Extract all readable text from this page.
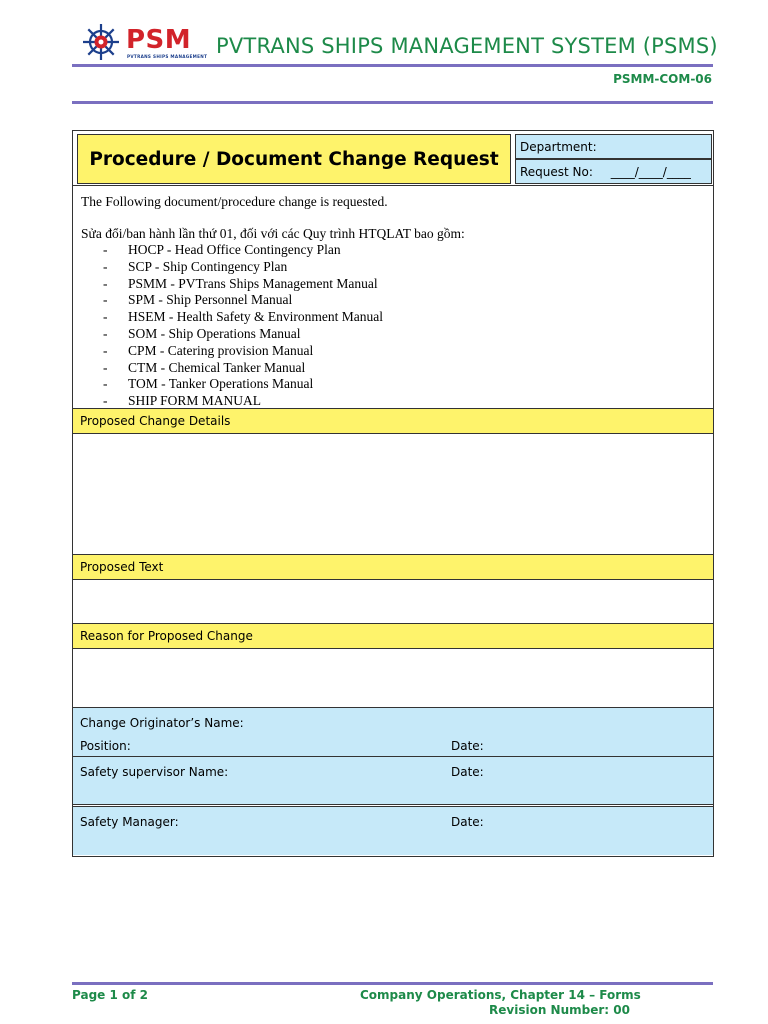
PSM
PVTRANS SHIPS MANAGEMENT PVTRANS SHIPS MANAGEMENT SYSTEM (PSMS)
PSMM-COM-06
Procedure / Document Change Request
Department:
Request No: ____/____/____
The Following document/procedure change is requested.
Sửa đổi/ban hành lần thứ 01, đối với các Quy trình HTQLAT bao gồm:
- HOCP - Head Office Contingency Plan
- SCP - Ship Contingency Plan
- PSMM - PVTrans Ships Management Manual
- SPM - Ship Personnel Manual
- HSEM - Health Safety & Environment Manual
- SOM - Ship Operations Manual
- CPM - Catering provision Manual
- CTM - Chemical Tanker Manual
- TOM - Tanker Operations Manual
- SHIP FORM MANUAL
Proposed Change Details
Proposed Text
Reason for Proposed Change
Change Originator’s Name:
Position:	Date:
Safety supervisor Name:	Date:
Safety Manager:	Date:
Page 1 of 2	Company Operations, Chapter 14 – Forms
Revision Number: 00
